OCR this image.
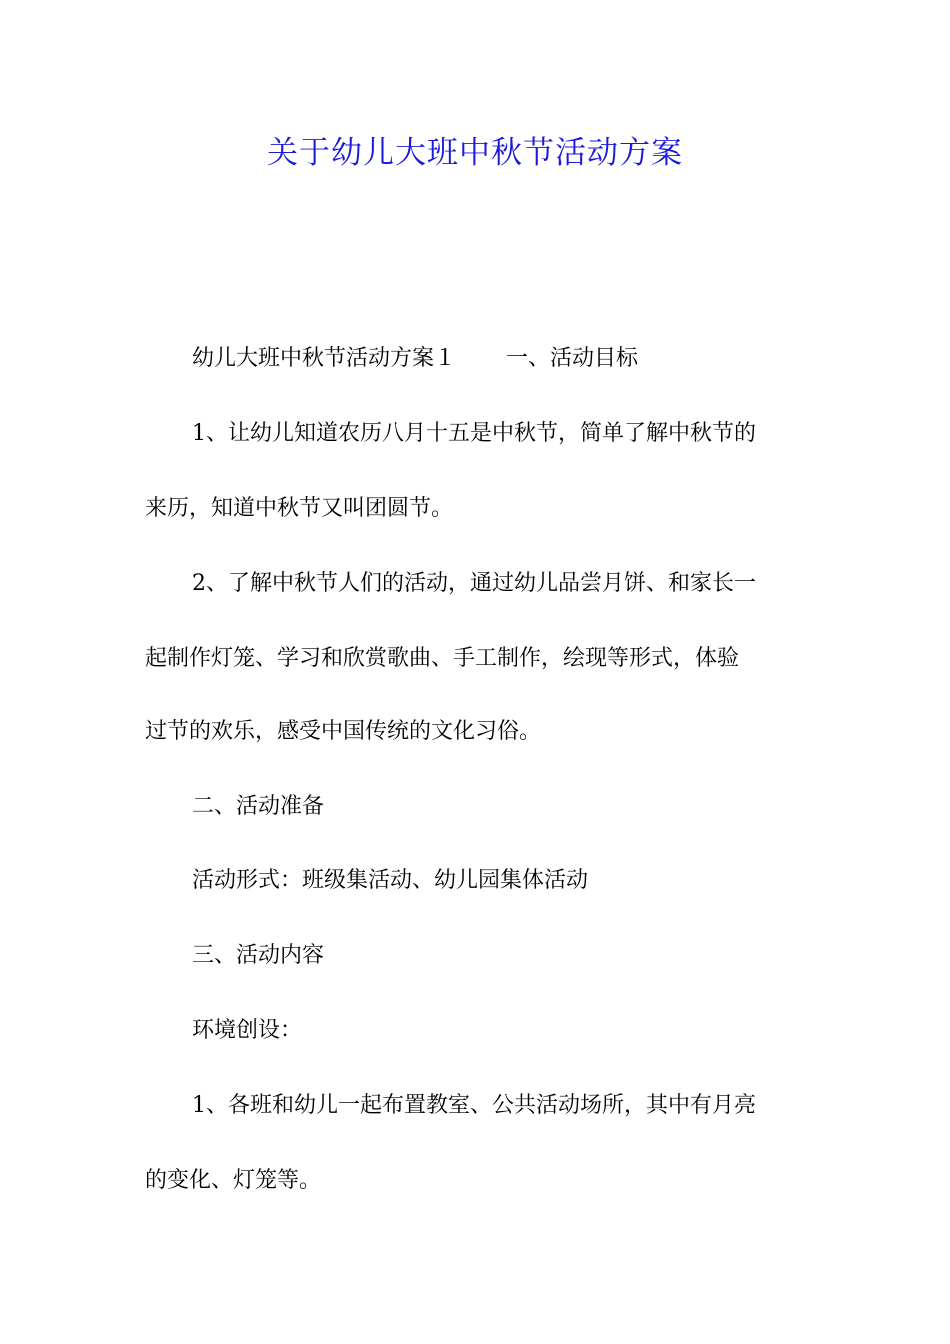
关于幼儿大班中秋节活动方案

幼儿大班中秋节活动方案１ 一、活动目标

1、让幼儿知道农历八月十五是中秋节，简单了解中秋节的

来历，知道中秋节又叫团圆节。

2、了解中秋节人们的活动，通过幼儿品尝月饼、和家长一

起制作灯笼、学习和欣赏歌曲、手工制作，绘现等形式，体验

过节的欢乐，感受中国传统的文化习俗。

二、活动准备

活动形式：班级集活动、幼儿园集体活动

三、活动内容

环境创设：

1、各班和幼儿一起布置教室、公共活动场所，其中有月亮

的变化、灯笼等。
